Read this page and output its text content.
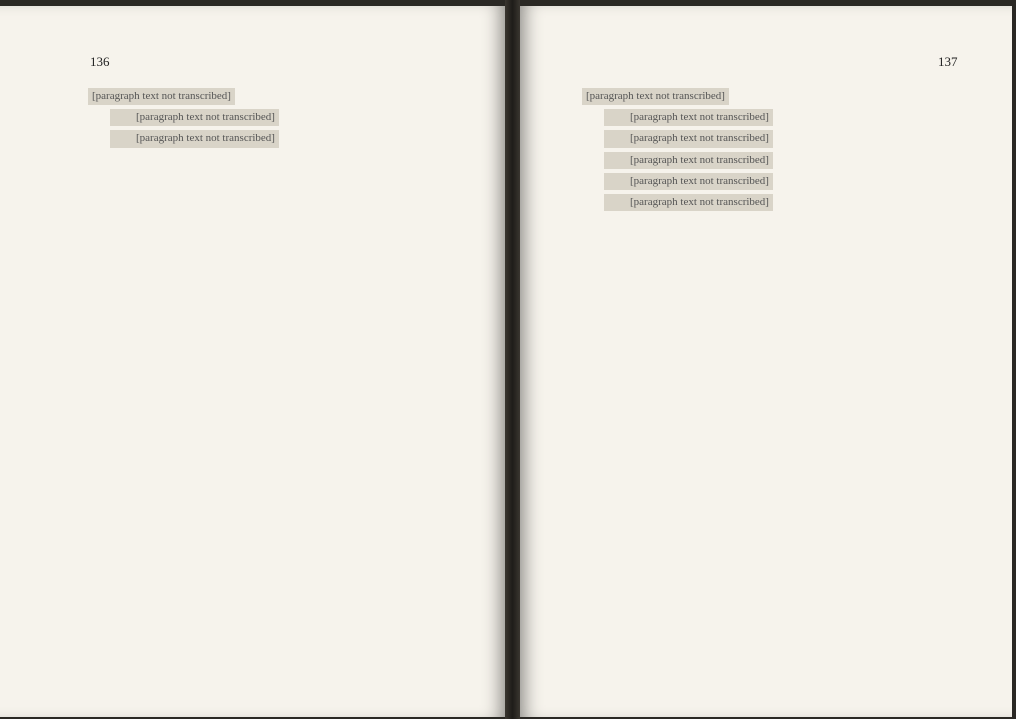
136

[paragraph text not transcribed]

[paragraph text not transcribed]

[paragraph text not transcribed]

137

[paragraph text not transcribed]

[paragraph text not transcribed]

[paragraph text not transcribed]

[paragraph text not transcribed]

[paragraph text not transcribed]

[paragraph text not transcribed]
